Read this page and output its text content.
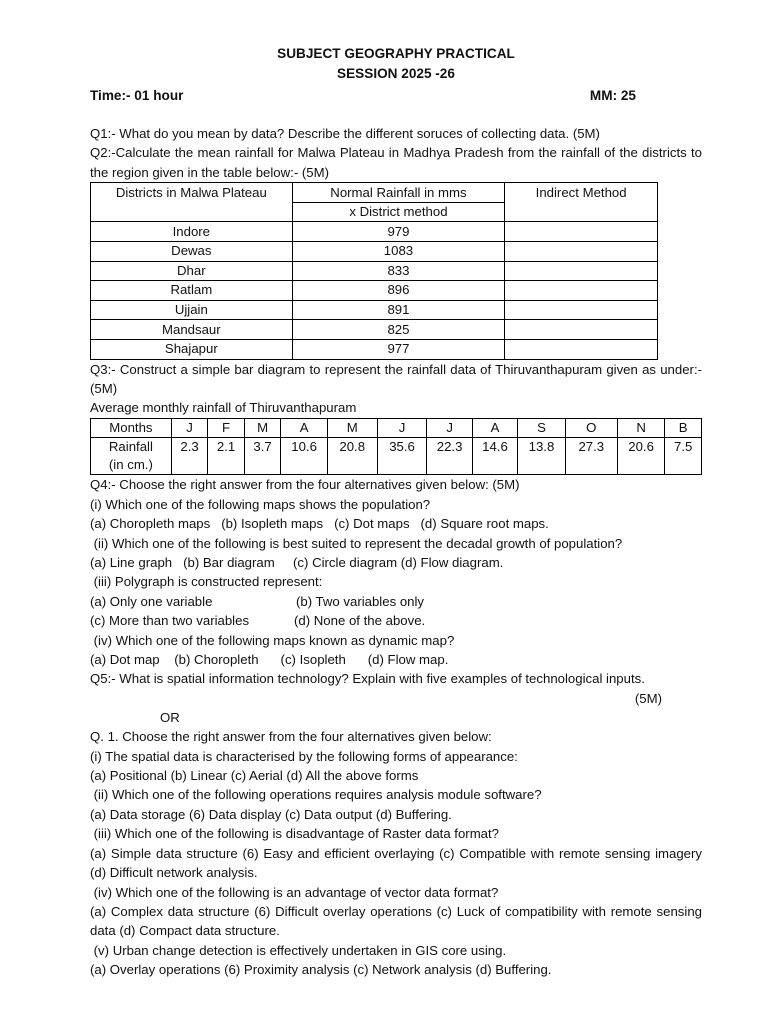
SUBJECT GEOGRAPHY PRACTICAL
SESSION 2025 -26
Time:- 01 hour	MM: 25
Q1:- What do you mean by data? Describe the different soruces of collecting data. (5M)
Q2:-Calculate the mean rainfall for Malwa Plateau in Madhya Pradesh from the rainfall of the districts to the region given in the table below:- (5M)
Districts in Malwa Plateau	Normal Rainfall in mms	Indirect Method
	x District method	
Indore	979	
Dewas	1083	
Dhar	833	
Ratlam	896	
Ujjain	891	
Mandsaur	825	
Shajapur	977	
Q3:- Construct a simple bar diagram to represent the rainfall data of Thiruvanthapuram given as under:- (5M)
Average monthly rainfall of Thiruvanthapuram
Months	J	F	M	A	M	J	J	A	S	O	N	B

Rainfall
(in cm.)	2.3	2.1	3.7	10.6	20.8	35.6	22.3	14.6	13.8	27.3	20.6	7.5
Q4:- Choose the right answer from the four alternatives given below: (5M)
(i) Which one of the following maps shows the population?
(a) Choropleth maps   (b) Isopleth maps   (c) Dot maps   (d) Square root maps.
(ii) Which one of the following is best suited to represent the decadal growth of population?
(a) Line graph   (b) Bar diagram     (c) Circle diagram (d) Flow diagram.
(iii) Polygraph is constructed represent:
(a) Only one variable	(b) Two variables only
(c) More than two variables	(d) None of the above.
(iv) Which one of the following maps known as dynamic map?
(a) Dot map    (b) Choropleth      (c) Isopleth      (d) Flow map.
Q5:- What is spatial information technology? Explain with five examples of technological inputs.
(5M)
OR
Q. 1. Choose the right answer from the four alternatives given below:
(i) The spatial data is characterised by the following forms of appearance:
(a) Positional (b) Linear (c) Aerial (d) All the above forms
(ii) Which one of the following operations requires analysis module software?
(a) Data storage (6) Data display (c) Data output (d) Buffering.
(iii) Which one of the following is disadvantage of Raster data format?
(a) Simple data structure (6) Easy and efficient overlaying (c) Compatible with remote sensing imagery (d) Difficult network analysis.
(iv) Which one of the following is an advantage of vector data format?
(a) Complex data structure (6) Difficult overlay operations (c) Luck of compatibility with remote sensing data (d) Compact data structure.
(v) Urban change detection is effectively undertaken in GIS core using.
(a) Overlay operations (6) Proximity analysis (c) Network analysis (d) Buffering.
